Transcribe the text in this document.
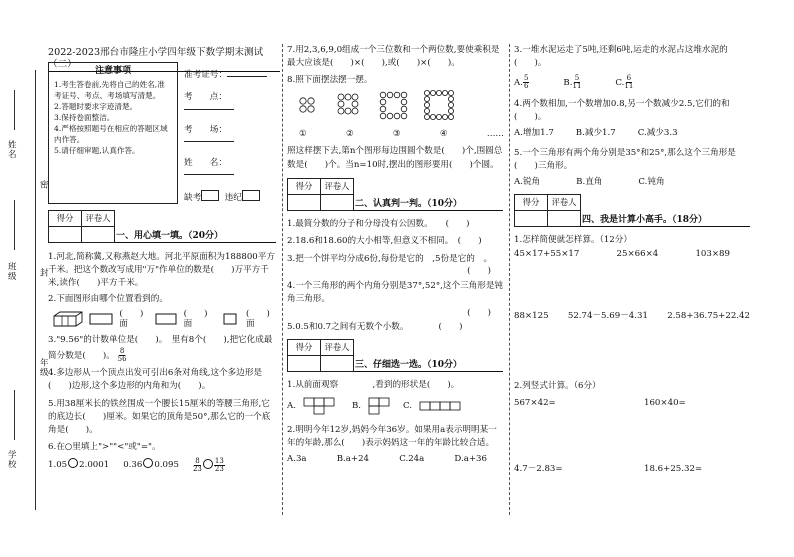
姓名
班级
学校
密
封
年级
2022-2023邢台市隆庄小学四年级下数学期末测试（二）
注意事项
1.考生答卷前,先将自己的姓名,准考证号、考点、考场填写清楚。
2.答题时要求字迹清楚。
3.保持卷面整洁。
4.严格按照题号在相应的答题区域内作答。
5.请仔细审题,认真作答。
准考证号：
考　　点：
考　　场：
姓　　名：
缺考	违纪
得分	评卷人

一、用心填一填。（20分）
1.河北,简称冀,又称燕赵大地。河北平原面积为188800平方千米。把这个数改写成用"万"作单位的数是(　　)万平方千米,读作(　　)平方千米。
2.下面图形由哪个位置看到的。
(　　)面
(　　)面
(　　)面
3."9.56"的计数单位是(　　)。　里有8个(　　),把它化成最简分数是(　　)。 $\frac{8}{56}$
4.多边形从一个顶点出发可引出6条对角线,这个多边形是(　　)边形,这个多边形的内角和为(　　)。
5.用38厘米长的铁丝围成一个腰长15厘米的等腰三角形,它的底边长(　　)厘米。如果它的顶角是50°,那么它的一个底角是(　　)。
6.在○里填上">""<"或"="。
1.05 2.0001 0.36 $0.095 \frac{8}{23} \frac{13}{23}$
7.用2,3,6,9,0组成一个三位数和一个两位数,要使乘积是最大应该是(　　)×(　　),或(　　)×(　　)。
8.照下面摆法摆一摆。
①	②	③	④	……
照这样摆下去,第n个图形每边围圆个数是(　　)个,围圆总数是(　　)个。当n=10时,摆出的图形要用(　　)个圆。
得分	评卷人

二、认真判一判。（10分）
1.最简分数的分子和分母没有公因数。　　(　　)
2.18.6和18.60的大小相等,但意义不相同。　(　　)
3.把一个饼平均分成6份,每份是它的　,5份是它的　。
(　　)
4.一个三角形的两个内角分别是37°,52°,这个三角形是钝角三角形。
(　　)
5.0.5和0.7之间有无数个小数。　　　　(　　)
得分	评卷人

三、仔细选一选。（10分）
1.从前面观察　　　　,看到的形状是(　　)。
A.	B.	C.
2.明明今年12岁,妈妈今年36岁。如果用a表示明明某一年的年龄,那么(　　)表示妈妈这一年的年龄比较合适。
A.3a	B.a+24	C.24a	D.a+36
3.一堆水泥运走了5吨,还剩6吨,运走的水泥占这堆水泥的(　　)。
A. $\frac{5}{6}$	B. $\frac{5}{11}$	C. $\frac{6}{11}$
4.两个数相加,一个数增加0.8,另一个数减少2.5,它们的和(　　)。
A.增加1.7	B.减少1.7	C.减少3.3
5.一个三角形有两个角分别是35°和25°,那么这个三角形是(　　)三角形。
A.锐角	B.直角	C.钝角
得分	评卷人

四、我是计算小高手。（18分）
1.怎样简便就怎样算。（12分）
45×17+55×17	25×66×4	103×89
88×125 52.74－5.69－4.31 2.58+36.75+22.42
2.列竖式计算。（6分）
567×42=	160×40=
4.7－2.83=	18.6+25.32=
